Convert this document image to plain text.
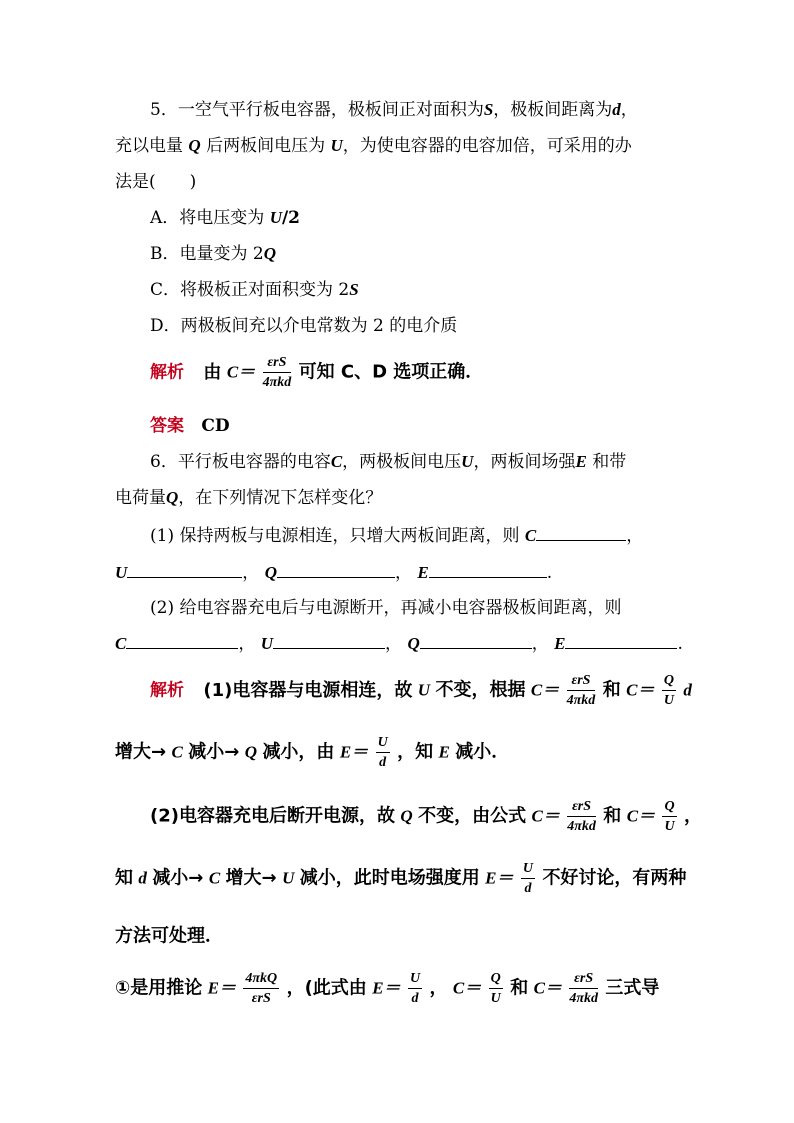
5．一空气平行板电容器，极板间正对面积为S，极板间距离为d，
充以电量 Q 后两板间电压为 U，为使电容器的电容加倍，可采用的办
法是(　　)
A．将电压变为 U/2
B．电量变为 2Q
C．将极板正对面积变为 2S
D．两极板间充以介电常数为 2 的电介质
解析 由 $C= \frac{\text{εrS}}{\text{4πkd}}$ 可知 C、D 选项正确．
答案 CD
6．平行板电容器的电容C，两极板间电压U，两板间场强E 和带
电荷量Q，在下列情况下怎样变化？
(1) 保持两板与电源相连，只增大两板间距离，则 C	，
U	， Q	， E	.
(2) 给电容器充电后与电源断开，再减小电容器极板间距离，则
C	， U	， Q	， E	.
解析 (1)电容器与电源相连，故 U 不变，根据 $C= \frac{\text{εrS}}{\text{4πkd}}$ 和 $C= \frac{Q}{U}$ d
增大→ C 减小→ Q 减小，由 $E= \frac{U}{d}$ ，知 E 减小．
(2)电容器充电后断开电源，故 Q 不变，由公式 $C= \frac{\text{εrS}}{\text{4πkd}}$ 和 $C= \frac{Q}{U}$ ，
知 d 减小→ C 增大→ U 减小，此时电场强度用 $E= \frac{U}{d}$ 不好讨论，有两种
方法可处理．
①是用推论 $E= \frac{\text{4πkQ}}{\text{εrS}}$ ，(此式由 $E= \frac{U}{d}$ ， $C= \frac{Q}{U}$ 和 $C= \frac{\text{εrS}}{\text{4πkd}}$ 三式导
